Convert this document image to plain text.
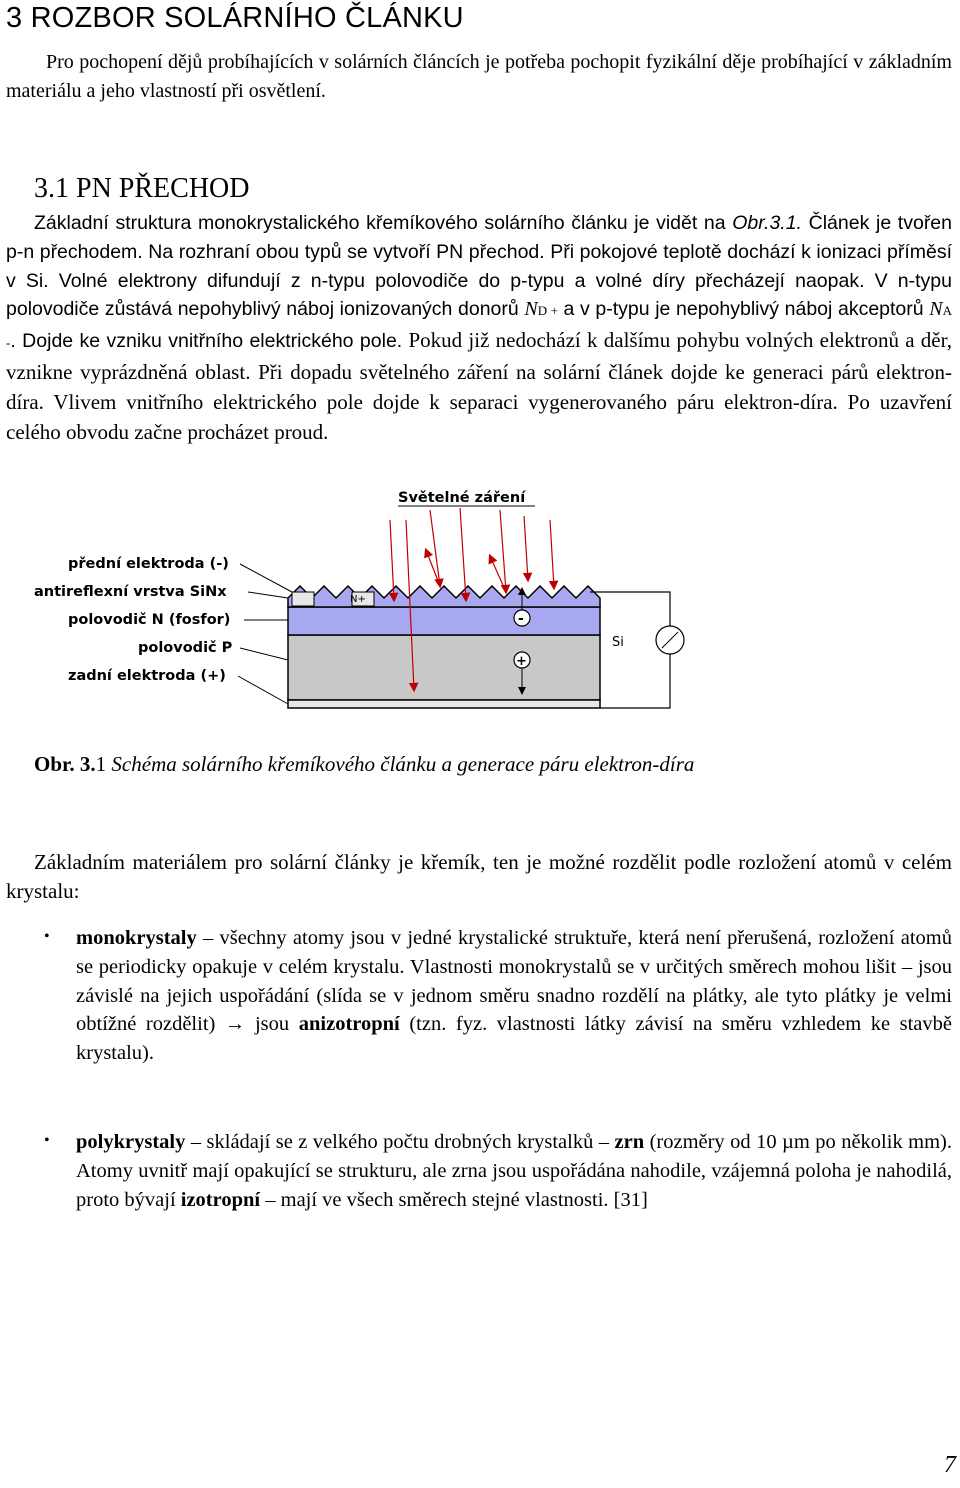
3 ROZBOR SOLÁRNÍHO ČLÁNKU

Pro pochopení dějů probíhajících v solárních článcích je potřeba pochopit fyzikální děje probíhající v základním materiálu a jeho vlastností při osvětlení.

3.1 PN PŘECHOD

Základní struktura monokrystalického křemíkového solárního článku je vidět na Obr.3.1. Článek je tvořen p-n přechodem. Na rozhraní obou typů se vytvoří PN přechod. Při pokojové teplotě dochází k ionizaci příměsí v Si. Volné elektrony difundují z n-typu polovodiče do p-typu a volné díry přecházejí naopak. V n-typu polovodiče zůstává nepohyblivý náboj ionizovaných donorů ND + a v p-typu je nepohyblivý náboj akceptorů NA -. Dojde ke vzniku vnitřního elektrického pole. Pokud již nedochází k dalšímu pohybu volných elektronů a děr, vznikne vyprázdněná oblast. Při dopadu světelného záření na solární článek dojde ke generaci párů elektron-díra. Vlivem vnitřního elektrického pole dojde k separaci vygenerovaného páru elektron-díra. Po uzavření celého obvodu začne procházet proud.

N+
Světelné záření
-
+
Si
přední elektroda (-)
antireflexní vrstva SiNx
polovodič N (fosfor)
polovodič P
zadní elektroda (+)
Obr. 3.1 Schéma solárního křemíkového článku a generace páru elektron-díra

Základním materiálem pro solární články je křemík, ten je možné rozdělit podle rozložení atomů v celém krystalu:

• monokrystaly – všechny atomy jsou v jedné krystalické struktuře, která není přerušená, rozložení atomů se periodicky opakuje v celém krystalu. Vlastnosti monokrystalů se v určitých směrech mohou lišit – jsou závislé na jejich uspořádání (slída se v jednom směru snadno rozdělí na plátky, ale tyto plátky je velmi obtížné rozdělit) → jsou anizotropní (tzn. fyz. vlastnosti látky závisí na směru vzhledem ke stavbě krystalu).

• polykrystaly – skládají se z velkého počtu drobných krystalků – zrn (rozměry od 10 µm po několik mm). Atomy uvnitř mají opakující se strukturu, ale zrna jsou uspořádána nahodile, vzájemná poloha je nahodilá, proto bývají izotropní – mají ve všech směrech stejné vlastnosti. [31]

7
